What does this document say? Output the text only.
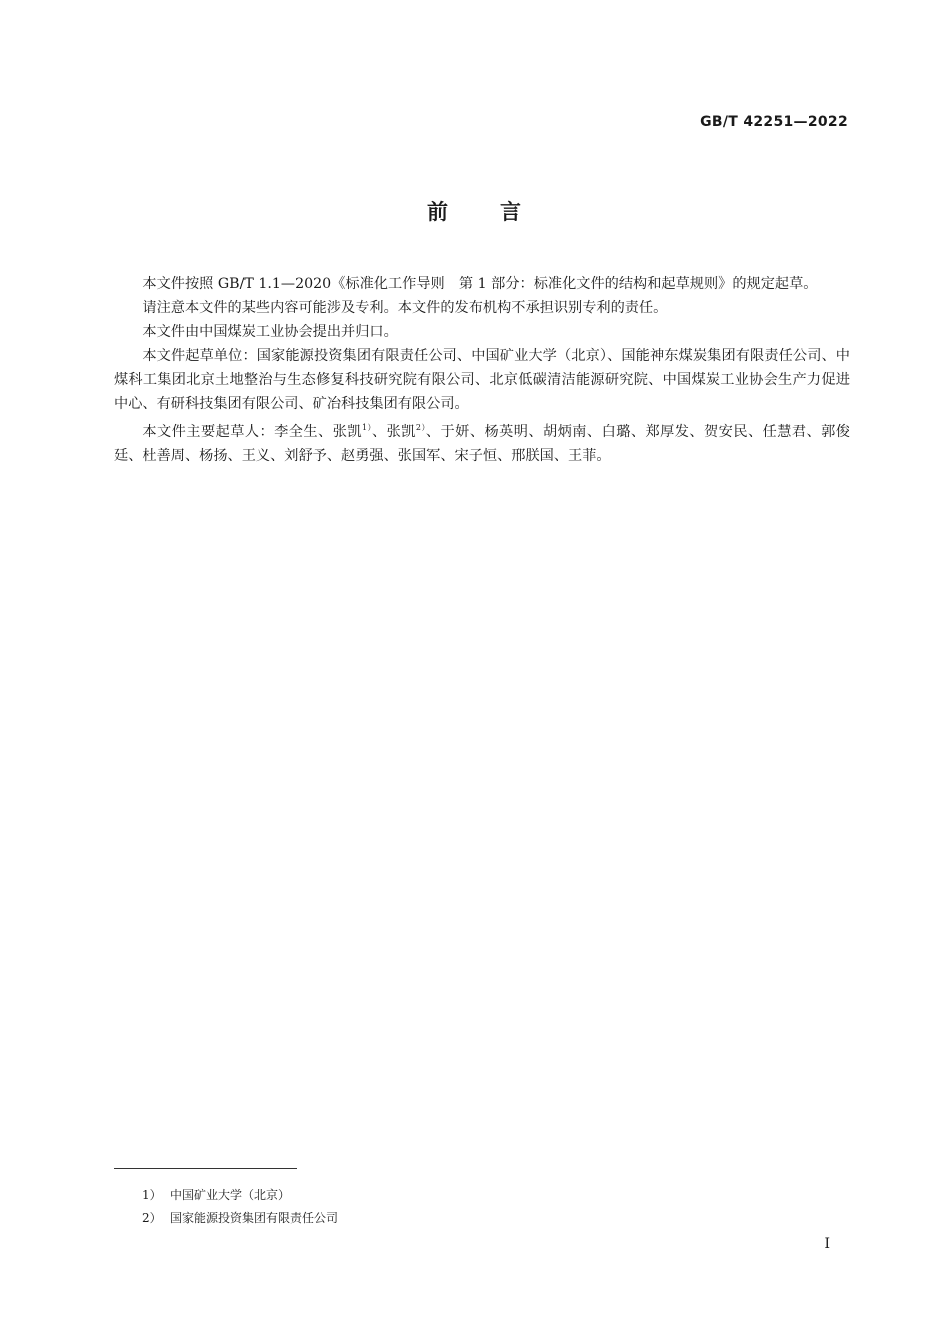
GB/T 42251—2022
前 言

本文件按照 GB/T 1.1—2020《标准化工作导则　第 1 部分：标准化文件的结构和起草规则》的规定起草。

请注意本文件的某些内容可能涉及专利。本文件的发布机构不承担识别专利的责任。

本文件由中国煤炭工业协会提出并归口。

本文件起草单位：国家能源投资集团有限责任公司、中国矿业大学（北京）、国能神东煤炭集团有限责任公司、中煤科工集团北京土地整治与生态修复科技研究院有限公司、北京低碳清洁能源研究院、中国煤炭工业协会生产力促进中心、有研科技集团有限公司、矿冶科技集团有限公司。

本文件主要起草人：李全生、张凯$^{1)}$、张凯$^{2)}$、于妍、杨英明、胡炳南、白璐、郑厚发、贺安民、任慧君、郭俊廷、杜善周、杨扬、王义、刘舒予、赵勇强、张国军、宋子恒、邢朕国、王菲。

1） 中国矿业大学（北京）
2） 国家能源投资集团有限责任公司
Ⅰ
